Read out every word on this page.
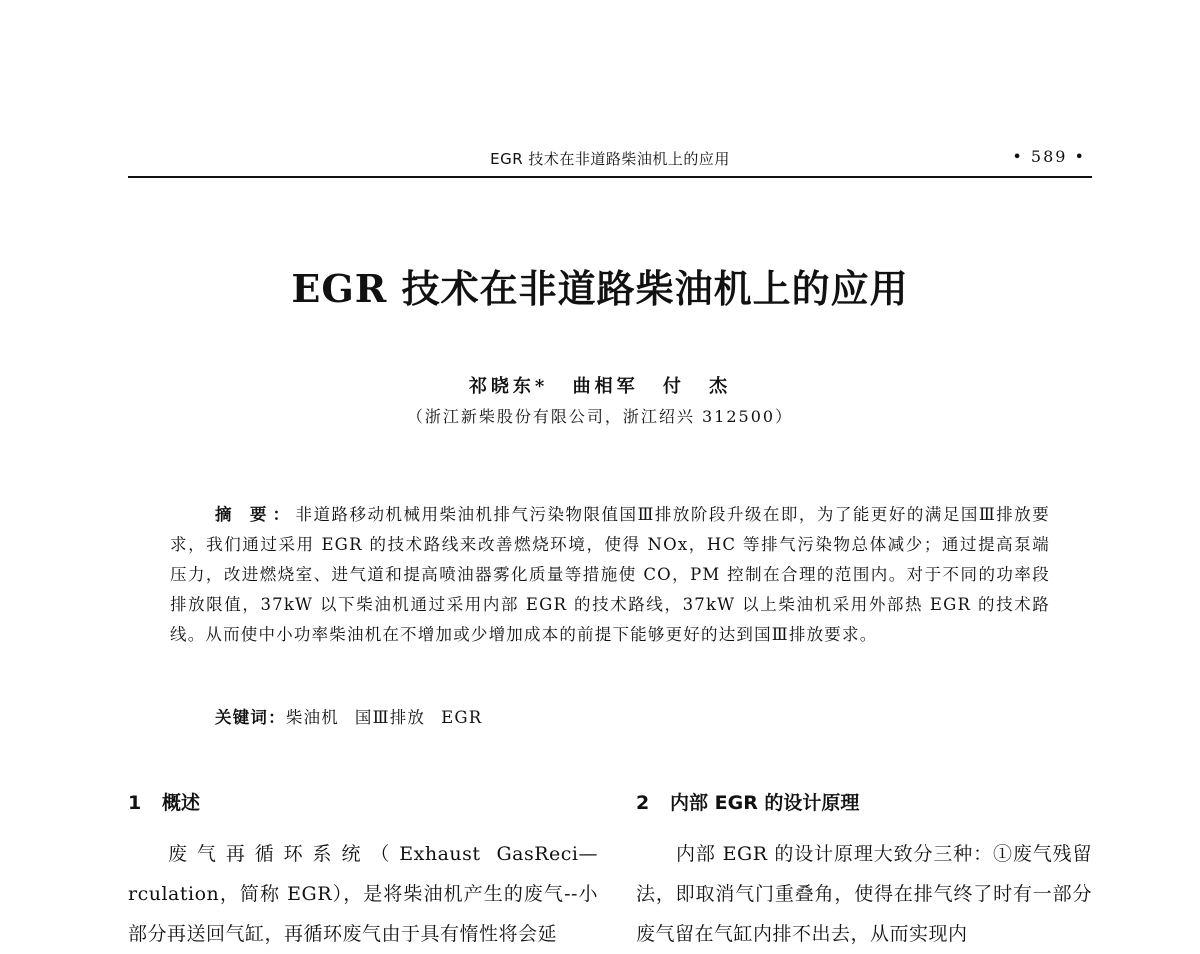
EGR 技术在非道路柴油机上的应用	• 589 •
EGR 技术在非道路柴油机上的应用
祁晓东* 曲相军 付 杰
（浙江新柴股份有限公司，浙江绍兴 312500）

摘 要：非道路移动机械用柴油机排气污染物限值国Ⅲ排放阶段升级在即，为了能更好的满足国Ⅲ排放要求，我们通过采用 EGR 的技术路线来改善燃烧环境，使得 NOx，HC 等排气污染物总体减少；通过提高泵端压力，改进燃烧室、进气道和提高喷油器雾化质量等措施使 CO，PM 控制在合理的范围内。对于不同的功率段排放限值，37kW 以下柴油机通过采用内部 EGR 的技术路线，37kW 以上柴油机采用外部热 EGR 的技术路线。从而使中小功率柴油机在不增加或少增加成本的前提下能够更好的达到国Ⅲ排放要求。

关键词：柴油机 国Ⅲ排放 EGR
1 概述	2 内部 EGR 的设计原理

废气再循环系统（Exhaust GasReci—rculation，简称 EGR），是将柴油机产生的废气--小部分再送回气缸，再循环废气由于具有惰性将会延

内部 EGR 的设计原理大致分三种：①废气残留法，即取消气门重叠角，使得在排气终了时有一部分废气留在气缸内排不出去，从而实现内
